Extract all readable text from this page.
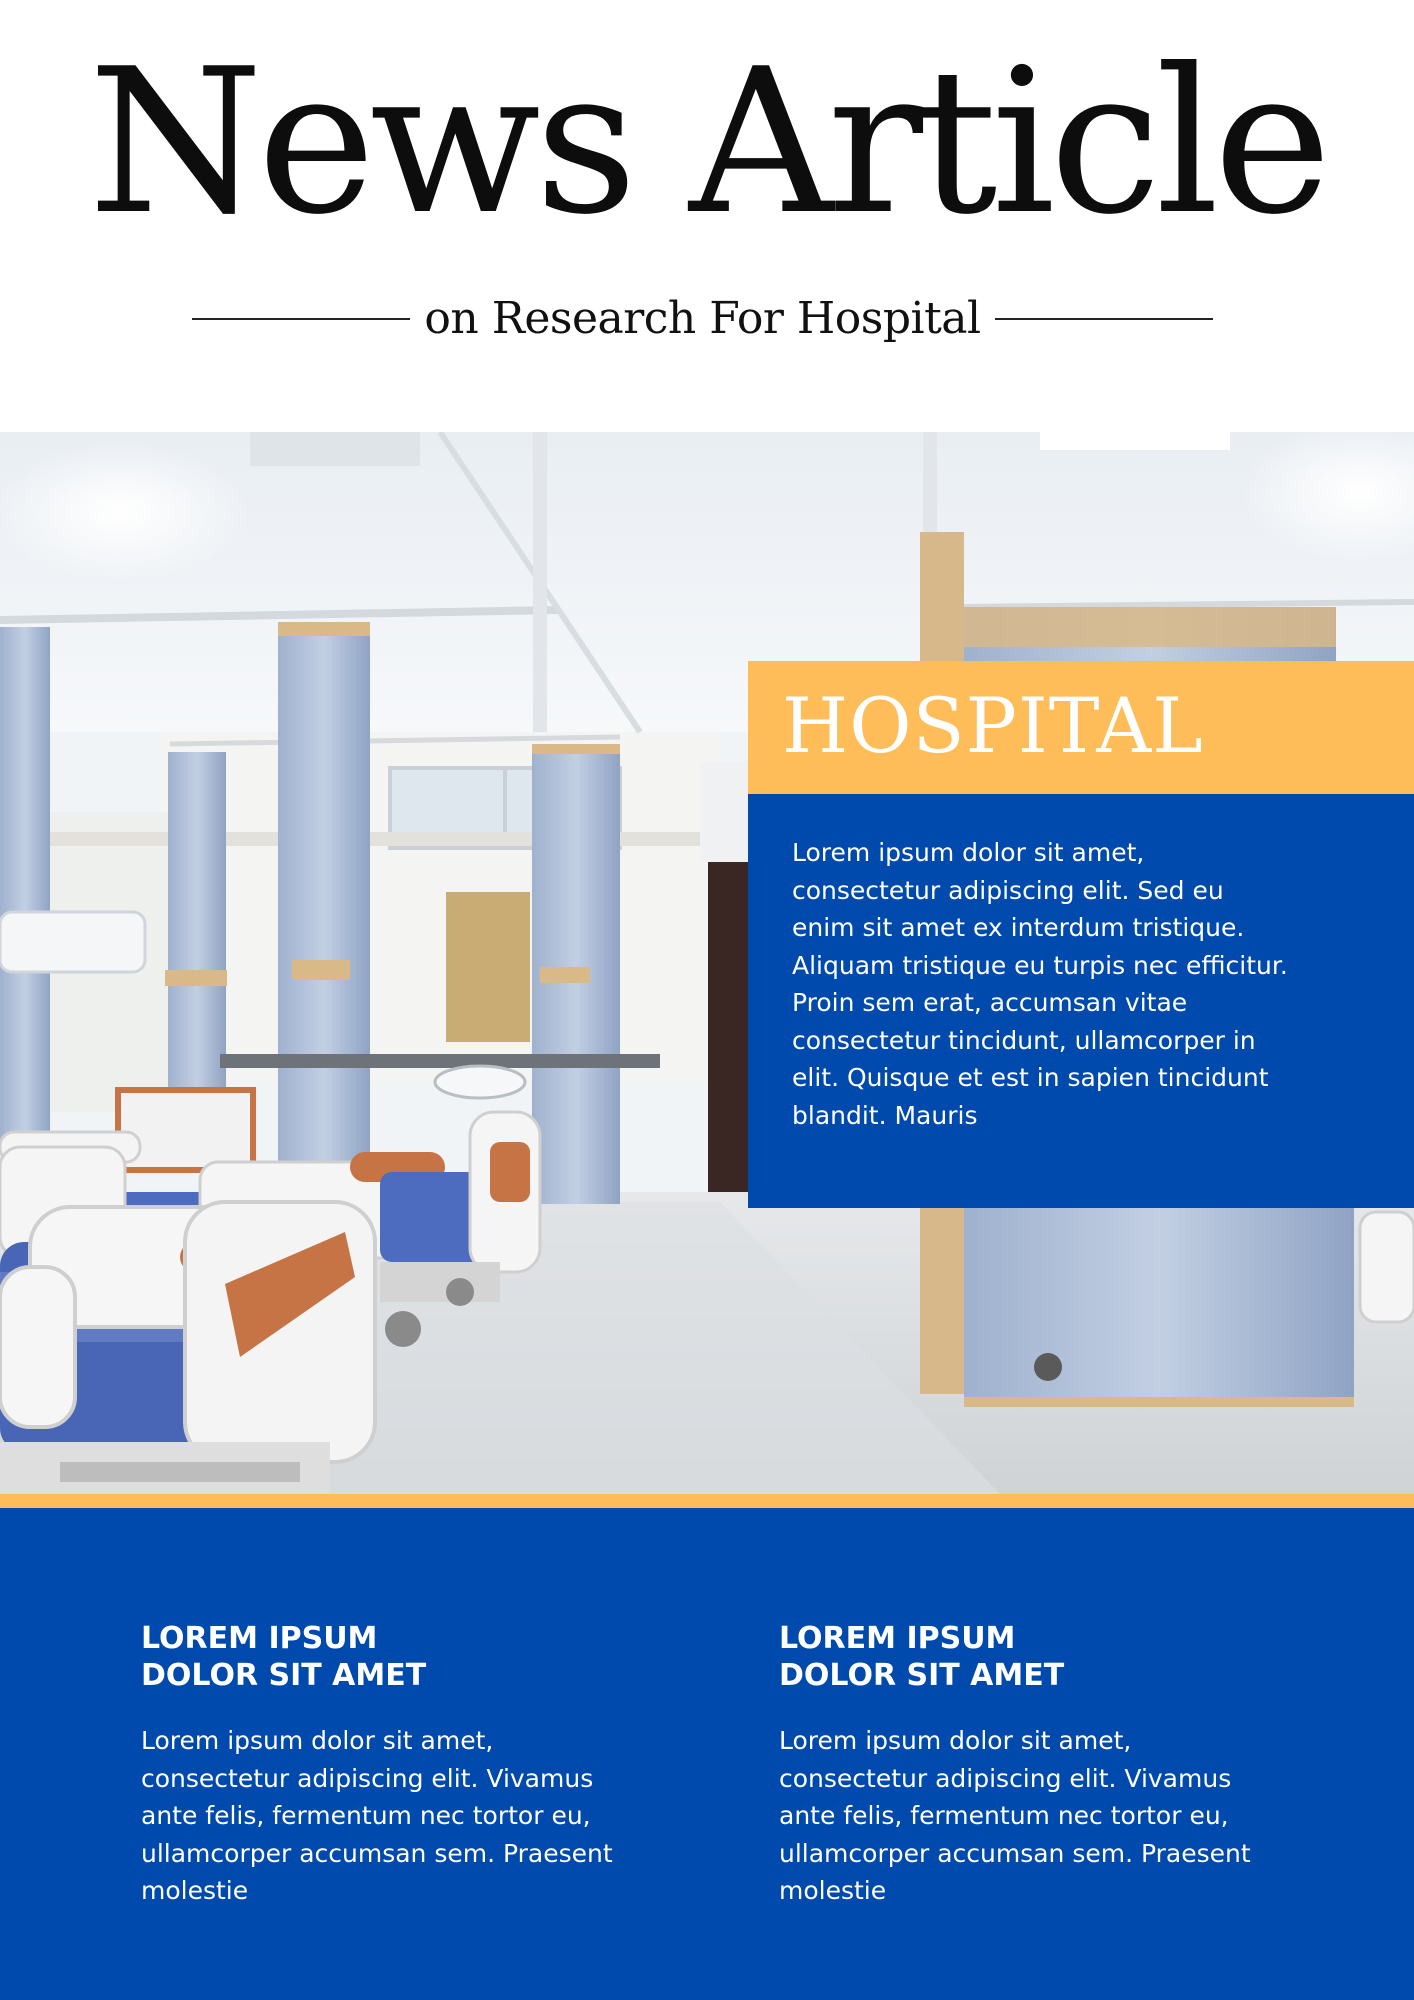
News Article
on Research For Hospital
HOSPITAL

Lorem ipsum dolor sit amet, consectetur adipiscing elit. Sed eu enim sit amet ex interdum tristique. Aliquam tristique eu turpis nec efficitur. Proin sem erat, accumsan vitae consectetur tincidunt, ullamcorper in elit. Quisque et est in sapien tincidunt blandit. Mauris

LOREM IPSUM
DOLOR SIT AMET

Lorem ipsum dolor sit amet, consectetur adipiscing elit. Vivamus ante felis, fermentum nec tortor eu, ullamcorper accumsan sem. Praesent molestie

LOREM IPSUM
DOLOR SIT AMET

Lorem ipsum dolor sit amet, consectetur adipiscing elit. Vivamus ante felis, fermentum nec tortor eu, ullamcorper accumsan sem. Praesent molestie
